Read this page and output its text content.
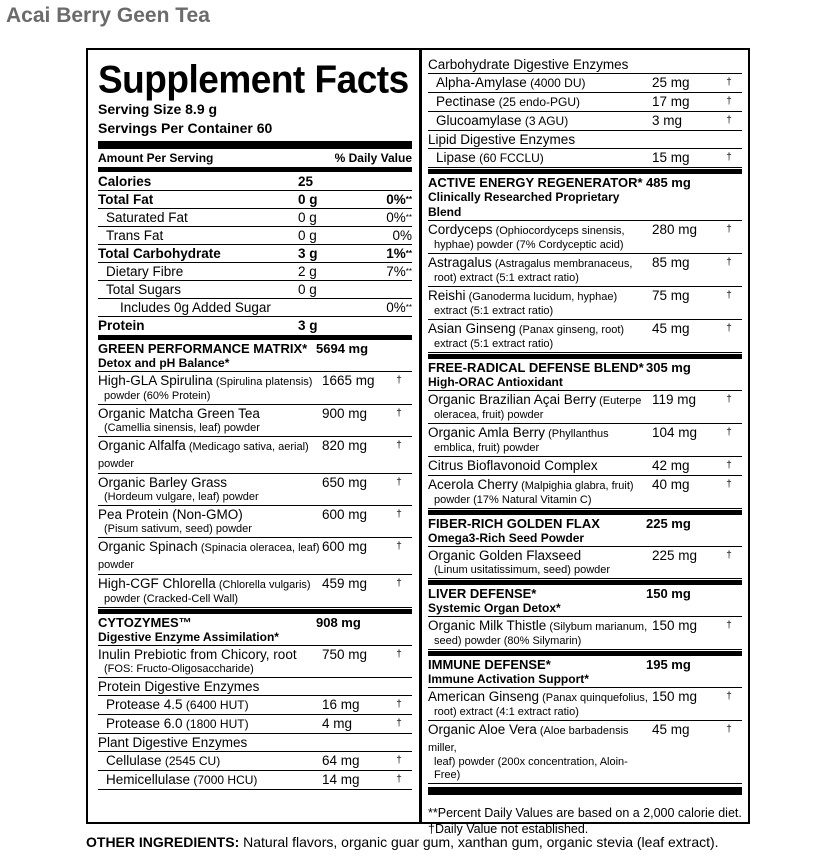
Acai Berry Geen Tea
Supplement Facts
Serving Size 8.9 g
Servings Per Container 60
Amount Per Serving	% Daily Value
Calories	25
Total Fat	0 g	0%**
Saturated Fat	0 g	0%**
Trans Fat	0 g	0%
Total Carbohydrate	3 g	1%**
Dietary Fibre	2 g	7%**
Total Sugars	0 g
Includes 0g Added Sugar	0%**
Protein	3 g
GREEN PERFORMANCE MATRIX*
Detox and pH Balance*
5694 mg
High-GLA Spirulina (Spirulina platensis)
powder (60% Protein)
1665 mg	†
Organic Matcha Green Tea
(Camellia sinensis, leaf) powder
900 mg	†
Organic Alfalfa (Medicago sativa, aerial) powder
820 mg	†
Organic Barley Grass
(Hordeum vulgare, leaf) powder
650 mg	†
Pea Protein (Non-GMO)
(Pisum sativum, seed) powder
600 mg	†
Organic Spinach (Spinacia oleracea, leaf) powder
600 mg	†
High-CGF Chlorella (Chlorella vulgaris)
powder (Cracked-Cell Wall)
459 mg	†
CYTOZYMES™
Digestive Enzyme Assimilation*
908 mg
Inulin Prebiotic from Chicory, root
(FOS: Fructo-Oligosaccharide)
750 mg	†
Protein Digestive Enzymes
Protease 4.5 (6400 HUT)	16 mg	†
Protease 6.0 (1800 HUT)	4 mg	†
Plant Digestive Enzymes
Cellulase (2545 CU)	64 mg	†
Hemicellulase (7000 HCU)	14 mg	†
Carbohydrate Digestive Enzymes
Alpha-Amylase (4000 DU)	25 mg	†
Pectinase (25 endo-PGU)	17 mg	†
Glucoamylase (3 AGU)	3 mg	†
Lipid Digestive Enzymes
Lipase (60 FCCLU)	15 mg	†
ACTIVE ENERGY REGENERATOR*
Clinically Researched Proprietary Blend
485 mg
Cordyceps (Ophiocordyceps sinensis,
hyphae) powder (7% Cordyceptic acid)
280 mg	†
Astragalus (Astragalus membranaceus,
root) extract (5:1 extract ratio)
85 mg	†
Reishi (Ganoderma lucidum, hyphae)
extract (5:1 extract ratio)
75 mg	†
Asian Ginseng (Panax ginseng, root)
extract (5:1 extract ratio)
45 mg	†
FREE-RADICAL DEFENSE BLEND*
High-ORAC Antioxidant
305 mg
Organic Brazilian Açai Berry (Euterpe
oleracea, fruit) powder
119 mg	†
Organic Amla Berry (Phyllanthus
emblica, fruit) powder
104 mg	†
Citrus Bioflavonoid Complex	42 mg	†
Acerola Cherry (Malpighia glabra, fruit)
powder (17% Natural Vitamin C)
40 mg	†
FIBER-RICH GOLDEN FLAX
Omega3-Rich Seed Powder
225 mg
Organic Golden Flaxseed
(Linum usitatissimum, seed) powder
225 mg	†
LIVER DEFENSE*
Systemic Organ Detox*
150 mg
Organic Milk Thistle (Silybum marianum,
seed) powder (80% Silymarin)
150 mg	†
IMMUNE DEFENSE*
Immune Activation Support*
195 mg
American Ginseng (Panax quinquefolius,
root) extract (4:1 extract ratio)
150 mg	†
Organic Aloe Vera (Aloe barbadensis miller,
leaf) powder (200x concentration, Aloin-Free)
45 mg	†
**Percent Daily Values are based on a 2,000 calorie diet.
†Daily Value not established.
OTHER INGREDIENTS: Natural flavors, organic guar gum, xanthan gum, organic stevia (leaf extract).
